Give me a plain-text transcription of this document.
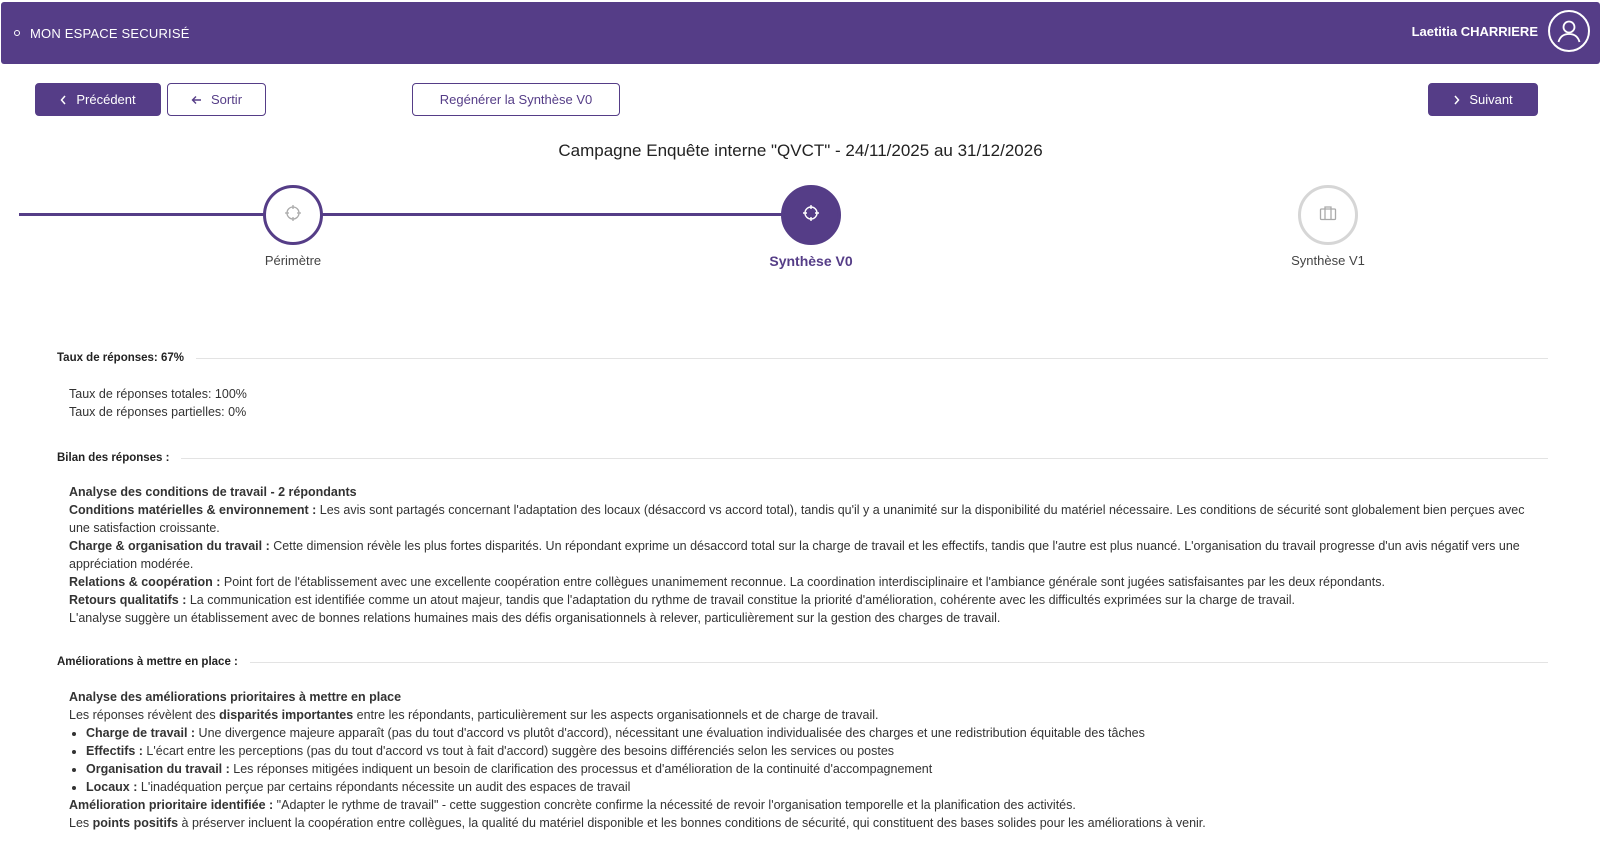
MON ESPACE SECURISÉ	Laetitia CHARRIERE
Précédent	Sortir	Regénérer la Synthèse V0	Suivant
Campagne Enquête interne "QVCT" - 24/11/2025 au 31/12/2026
Périmètre	Synthèse V0	Synthèse V1
Taux de réponses: 67%

Taux de réponses totales: 100%

Taux de réponses partielles: 0%

Bilan des réponses :

Analyse des conditions de travail - 2 répondants

Conditions matérielles & environnement : Les avis sont partagés concernant l'adaptation des locaux (désaccord vs accord total), tandis qu'il y a unanimité sur la disponibilité du matériel nécessaire. Les conditions de sécurité sont globalement bien perçues avec une satisfaction croissante.

Charge & organisation du travail : Cette dimension révèle les plus fortes disparités. Un répondant exprime un désaccord total sur la charge de travail et les effectifs, tandis que l'autre est plus nuancé. L'organisation du travail progresse d'un avis négatif vers une appréciation modérée.

Relations & coopération : Point fort de l'établissement avec une excellente coopération entre collègues unanimement reconnue. La coordination interdisciplinaire et l'ambiance générale sont jugées satisfaisantes par les deux répondants.

Retours qualitatifs : La communication est identifiée comme un atout majeur, tandis que l'adaptation du rythme de travail constitue la priorité d'amélioration, cohérente avec les difficultés exprimées sur la charge de travail.

L'analyse suggère un établissement avec de bonnes relations humaines mais des défis organisationnels à relever, particulièrement sur la gestion des charges de travail.

Améliorations à mettre en place :

Analyse des améliorations prioritaires à mettre en place

Les réponses révèlent des disparités importantes entre les répondants, particulièrement sur les aspects organisationnels et de charge de travail.

• Charge de travail : Une divergence majeure apparaît (pas du tout d'accord vs plutôt d'accord), nécessitant une évaluation individualisée des charges et une redistribution équitable des tâches
• Effectifs : L'écart entre les perceptions (pas du tout d'accord vs tout à fait d'accord) suggère des besoins différenciés selon les services ou postes
• Organisation du travail : Les réponses mitigées indiquent un besoin de clarification des processus et d'amélioration de la continuité d'accompagnement
• Locaux : L'inadéquation perçue par certains répondants nécessite un audit des espaces de travail

Amélioration prioritaire identifiée : "Adapter le rythme de travail" - cette suggestion concrète confirme la nécessité de revoir l'organisation temporelle et la planification des activités.

Les points positifs à préserver incluent la coopération entre collègues, la qualité du matériel disponible et les bonnes conditions de sécurité, qui constituent des bases solides pour les améliorations à venir.
